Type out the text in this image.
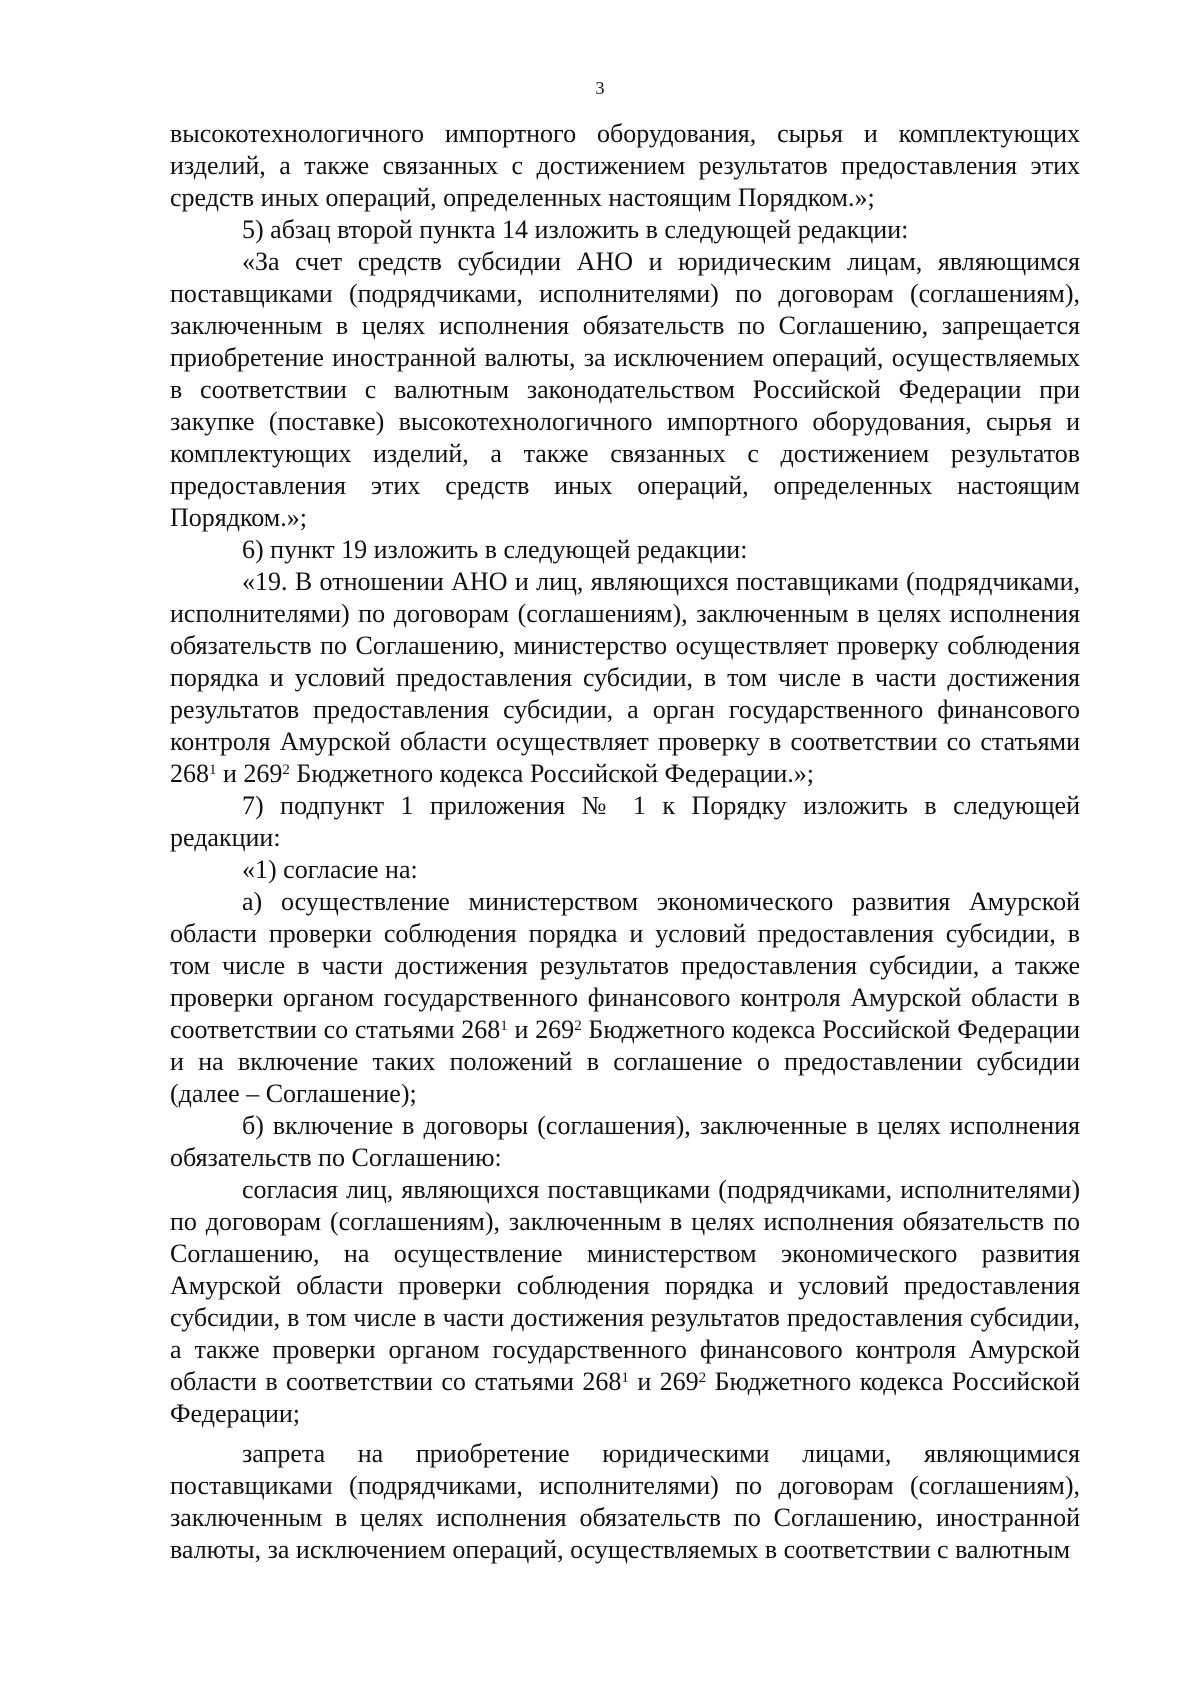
3

высокотехнологичного импортного оборудования, сырья и комплектующих изделий, а также связанных с достижением результатов предоставления этих средств иных операций, определенных настоящим Порядком.»;

5) абзац второй пункта 14 изложить в следующей редакции:

«За счет средств субсидии АНО и юридическим лицам, являющимся поставщиками (подрядчиками, исполнителями) по договорам (соглашениям), заключенным в целях исполнения обязательств по Соглашению, запрещается приобретение иностранной валюты, за исключением операций, осуществляемых в соответствии с валютным законодательством Российской Федерации при закупке (поставке) высокотехнологичного импортного оборудования, сырья и комплектующих изделий, а также связанных с достижением результатов предоставления этих средств иных операций, определенных настоящим Порядком.»;

6) пункт 19 изложить в следующей редакции:

«19. В отношении АНО и лиц, являющихся поставщиками (подрядчиками, исполнителями) по договорам (соглашениям), заключенным в целях исполнения обязательств по Соглашению, министерство осуществляет проверку соблюдения порядка и условий предоставления субсидии, в том числе в части достижения результатов предоставления субсидии, а орган государственного финансового контроля Амурской области осуществляет проверку в соответствии со статьями $268^1$ и $269^2$ Бюджетного кодекса Российской Федерации.»;

7) подпункт 1 приложения № 1 к Порядку изложить в следующей редакции:

«1) согласие на:

а) осуществление министерством экономического развития Амурской области проверки соблюдения порядка и условий предоставления субсидии, в том числе в части достижения результатов предоставления субсидии, а также проверки органом государственного финансового контроля Амурской области в соответствии со статьями $268^1$ и $269^2$ Бюджетного кодекса Российской Федерации и на включение таких положений в соглашение о предоставлении субсидии (далее – Соглашение);

б) включение в договоры (соглашения), заключенные в целях исполнения обязательств по Соглашению:

согласия лиц, являющихся поставщиками (подрядчиками, исполнителями) по договорам (соглашениям), заключенным в целях исполнения обязательств по Соглашению, на осуществление министерством экономического развития Амурской области проверки соблюдения порядка и условий предоставления субсидии, в том числе в части достижения результатов предоставления субсидии, а также проверки органом государственного финансового контроля Амурской области в соответствии со статьями $268^1$ и $269^2$ Бюджетного кодекса Российской Федерации;

запрета на приобретение юридическими лицами, являющимися поставщиками (подрядчиками, исполнителями) по договорам (соглашениям), заключенным в целях исполнения обязательств по Соглашению, иностранной валюты, за исключением операций, осуществляемых в соответствии с валютным
